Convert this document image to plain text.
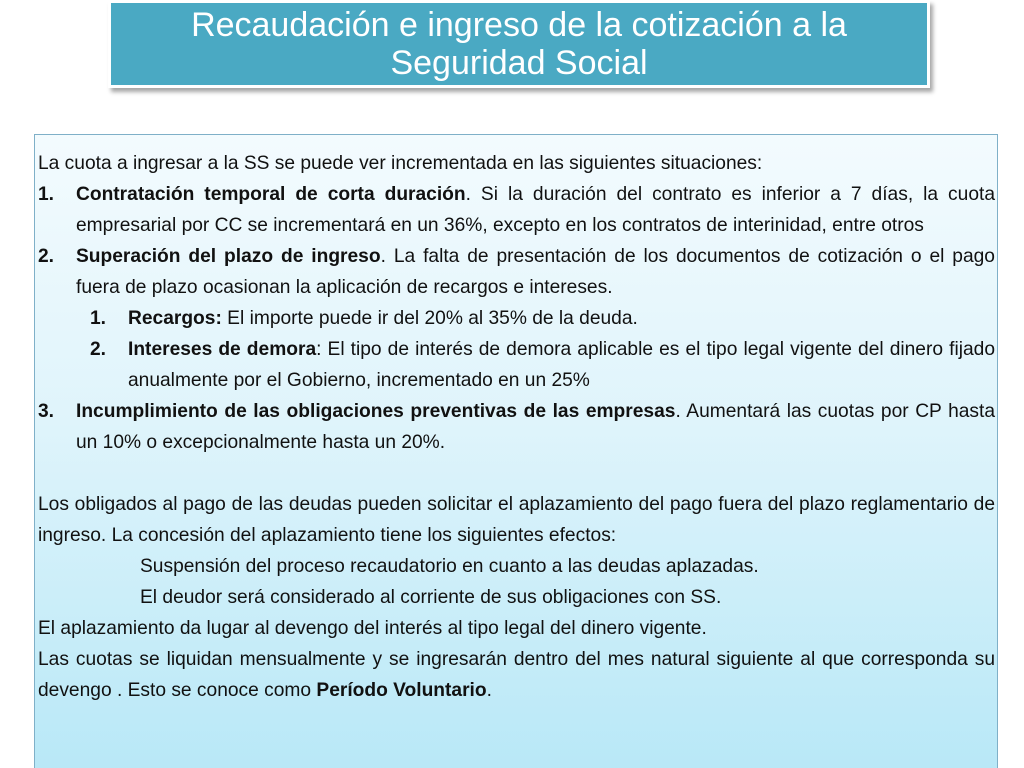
Recaudación e ingreso de la cotización a la
Seguridad Social

La cuota a ingresar a la SS se puede ver incrementada en las siguientes situaciones:

1.	Contratación temporal de corta duración. Si la duración del contrato es inferior a 7 días, la cuota empresarial por CC se incrementará en un 36%, excepto en los contratos de interinidad, entre otros
2.	Superación del plazo de ingreso. La falta de presentación de los documentos de cotización o el pago fuera de plazo ocasionan la aplicación de recargos e intereses.
1.	Recargos: El importe puede ir del 20% al 35% de la deuda.
2.	Intereses de demora: El tipo de interés de demora aplicable es el tipo legal vigente del dinero fijado anualmente por el Gobierno, incrementado en un 25%
3.	Incumplimiento de las obligaciones preventivas de las empresas. Aumentará las cuotas por CP hasta un 10% o excepcionalmente hasta un 20%.

Los obligados al pago de las deudas pueden solicitar el aplazamiento del pago fuera del plazo reglamentario de ingreso. La concesión del aplazamiento tiene los siguientes efectos:

Suspensión del proceso recaudatorio en cuanto a las deudas aplazadas.

El deudor será considerado al corriente de sus obligaciones con SS.

El aplazamiento da lugar al devengo del interés al tipo legal del dinero vigente.

Las cuotas se liquidan mensualmente y se ingresarán dentro del mes natural siguiente al que corresponda su devengo . Esto se conoce como Período Voluntario.
